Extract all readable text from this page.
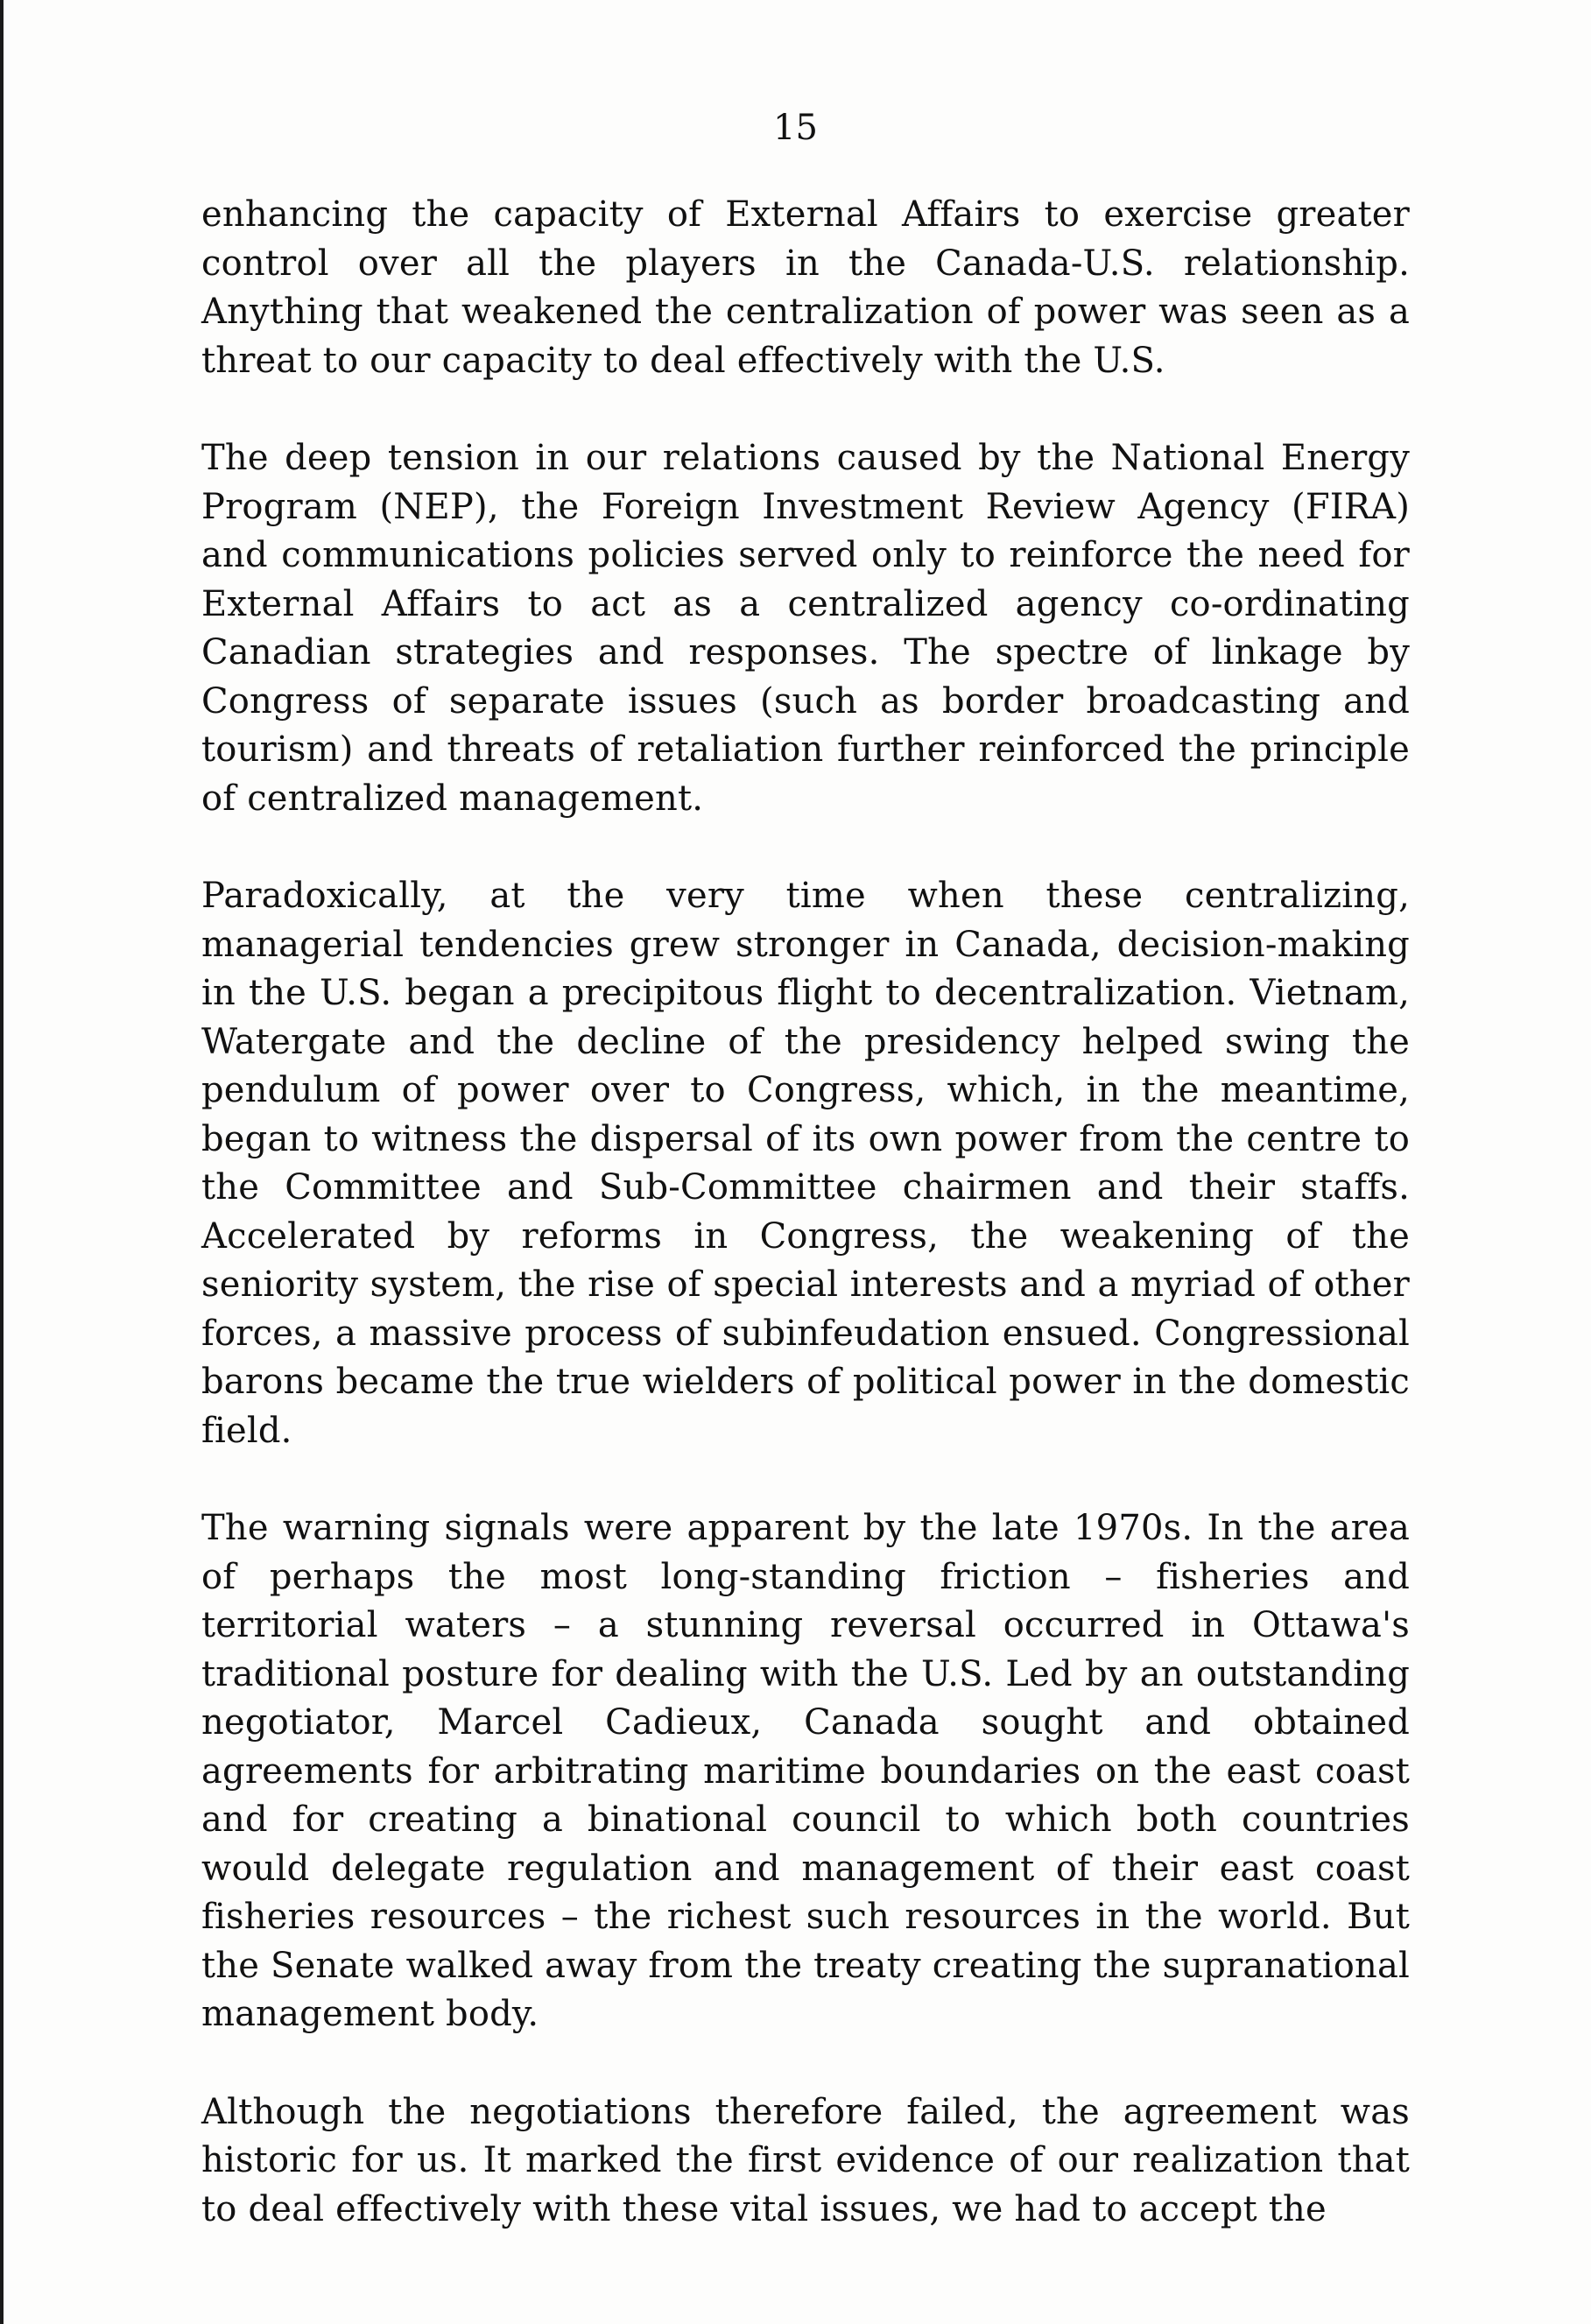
15

enhancing the capacity of External Affairs to exercise greater control over all the players in the Canada-U.S. relationship. Anything that weakened the centralization of power was seen as a threat to our capacity to deal effectively with the U.S.

The deep tension in our relations caused by the National Energy Program (NEP), the Foreign Investment Review Agency (FIRA) and communications policies served only to reinforce the need for External Affairs to act as a centralized agency co-ordinating Canadian strategies and responses. The spectre of linkage by Congress of separate issues (such as border broadcasting and tourism) and threats of retaliation further reinforced the principle of centralized management.

Paradoxically, at the very time when these centralizing, managerial tendencies grew stronger in Canada, decision-making in the U.S. began a precipitous flight to decentralization. Vietnam, Watergate and the decline of the presidency helped swing the pendulum of power over to Congress, which, in the meantime, began to witness the dispersal of its own power from the centre to the Committee and Sub-Committee chairmen and their staffs. Accelerated by reforms in Congress, the weakening of the seniority system, the rise of special interests and a myriad of other forces, a massive process of subinfeudation ensued. Congressional barons became the true wielders of political power in the domestic field.

The warning signals were apparent by the late 1970s. In the area of perhaps the most long-standing friction – fisheries and territorial waters – a stunning reversal occurred in Ottawa's traditional posture for dealing with the U.S. Led by an outstanding negotiator, Marcel Cadieux, Canada sought and obtained agreements for arbitrating maritime boundaries on the east coast and for creating a binational council to which both countries would delegate regulation and management of their east coast fisheries resources – the richest such resources in the world. But the Senate walked away from the treaty creating the supranational management body.

Although the negotiations therefore failed, the agreement was historic for us. It marked the first evidence of our realization that to deal effectively with these vital issues, we had to accept the
